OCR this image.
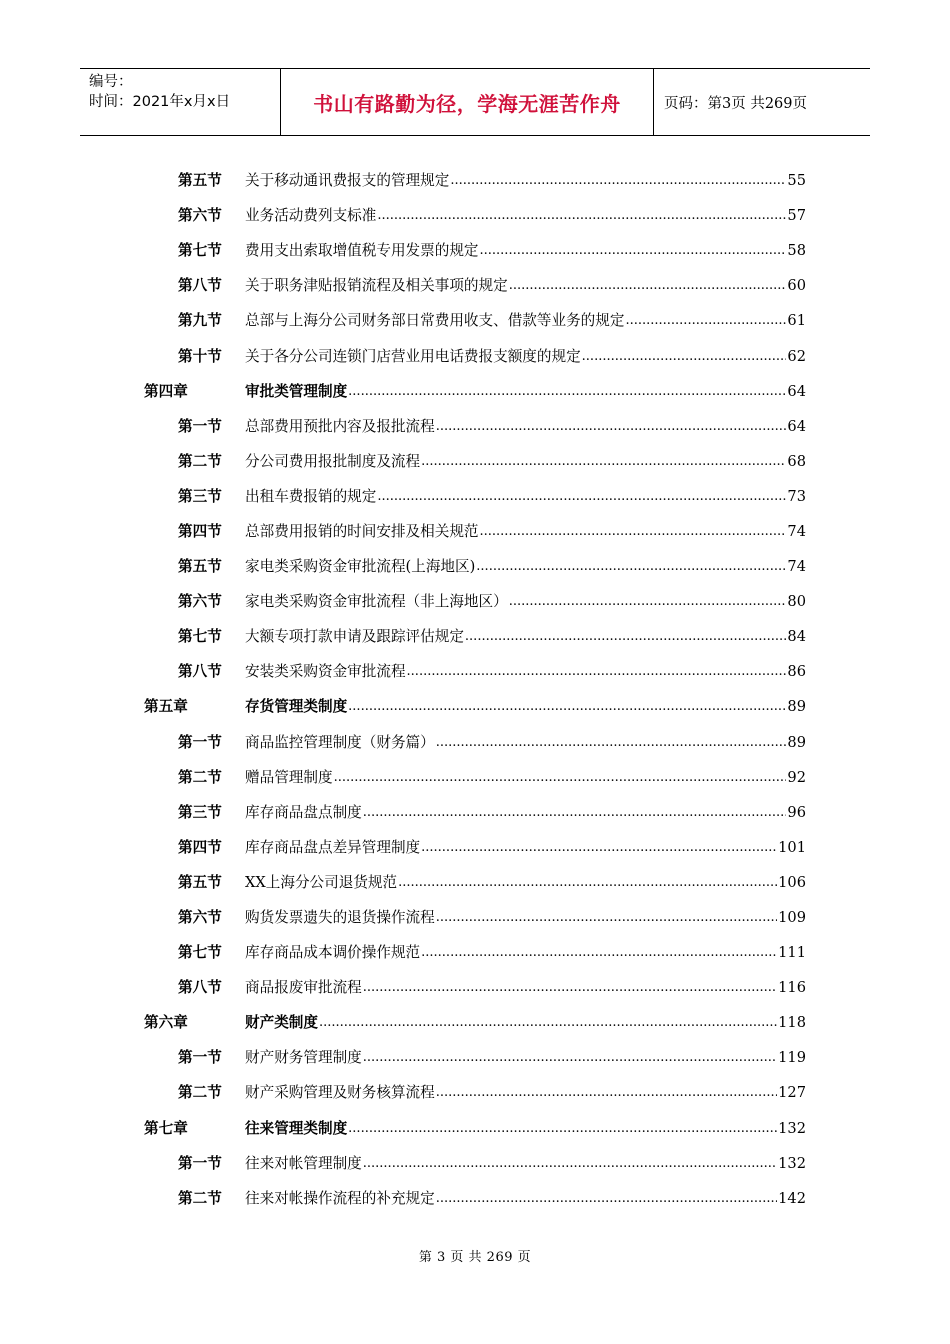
编号：
时间：2021年x月x日	书山有路勤为径，学海无涯苦作舟	页码：第3页 共269页
第五节 关于移动通讯费报支的管理规定 .....	55
第六节 业务活动费列支标准 .....	57
第七节 费用支出索取增值税专用发票的规定 .....	58
第八节 关于职务津贴报销流程及相关事项的规定 .....	60
第九节 总部与上海分公司财务部日常费用收支、借款等业务的规定 .....	61
第十节 关于各分公司连锁门店营业用电话费报支额度的规定 .....	62
第四章	审批类管理制度 .....	64
第一节 总部费用预批内容及报批流程 .....	64
第二节 分公司费用报批制度及流程 .....	68
第三节 出租车费报销的规定 .....	73
第四节 总部费用报销的时间安排及相关规范 .....	74
第五节 家电类采购资金审批流程(上海地区) .....	74
第六节 家电类采购资金审批流程（非上海地区） .....	80
第七节 大额专项打款申请及跟踪评估规定 .....	84
第八节 安装类采购资金审批流程 .....	86
第五章	存货管理类制度 .....	89
第一节 商品监控管理制度（财务篇） .....	89
第二节 赠品管理制度 .....	92
第三节 库存商品盘点制度 .....	96
第四节 库存商品盘点差异管理制度 .....	101
第五节 XX上海分公司退货规范 .....	106
第六节 购货发票遗失的退货操作流程 .....	109
第七节 库存商品成本调价操作规范 .....	111
第八节 商品报废审批流程 .....	116
第六章	财产类制度 .....	118
第一节 财产财务管理制度 .....	119
第二节 财产采购管理及财务核算流程 .....	127
第七章	往来管理类制度 .....	132
第一节 往来对帐管理制度 .....	132
第二节 往来对帐操作流程的补充规定 .....	142
第 3 页 共 269 页
